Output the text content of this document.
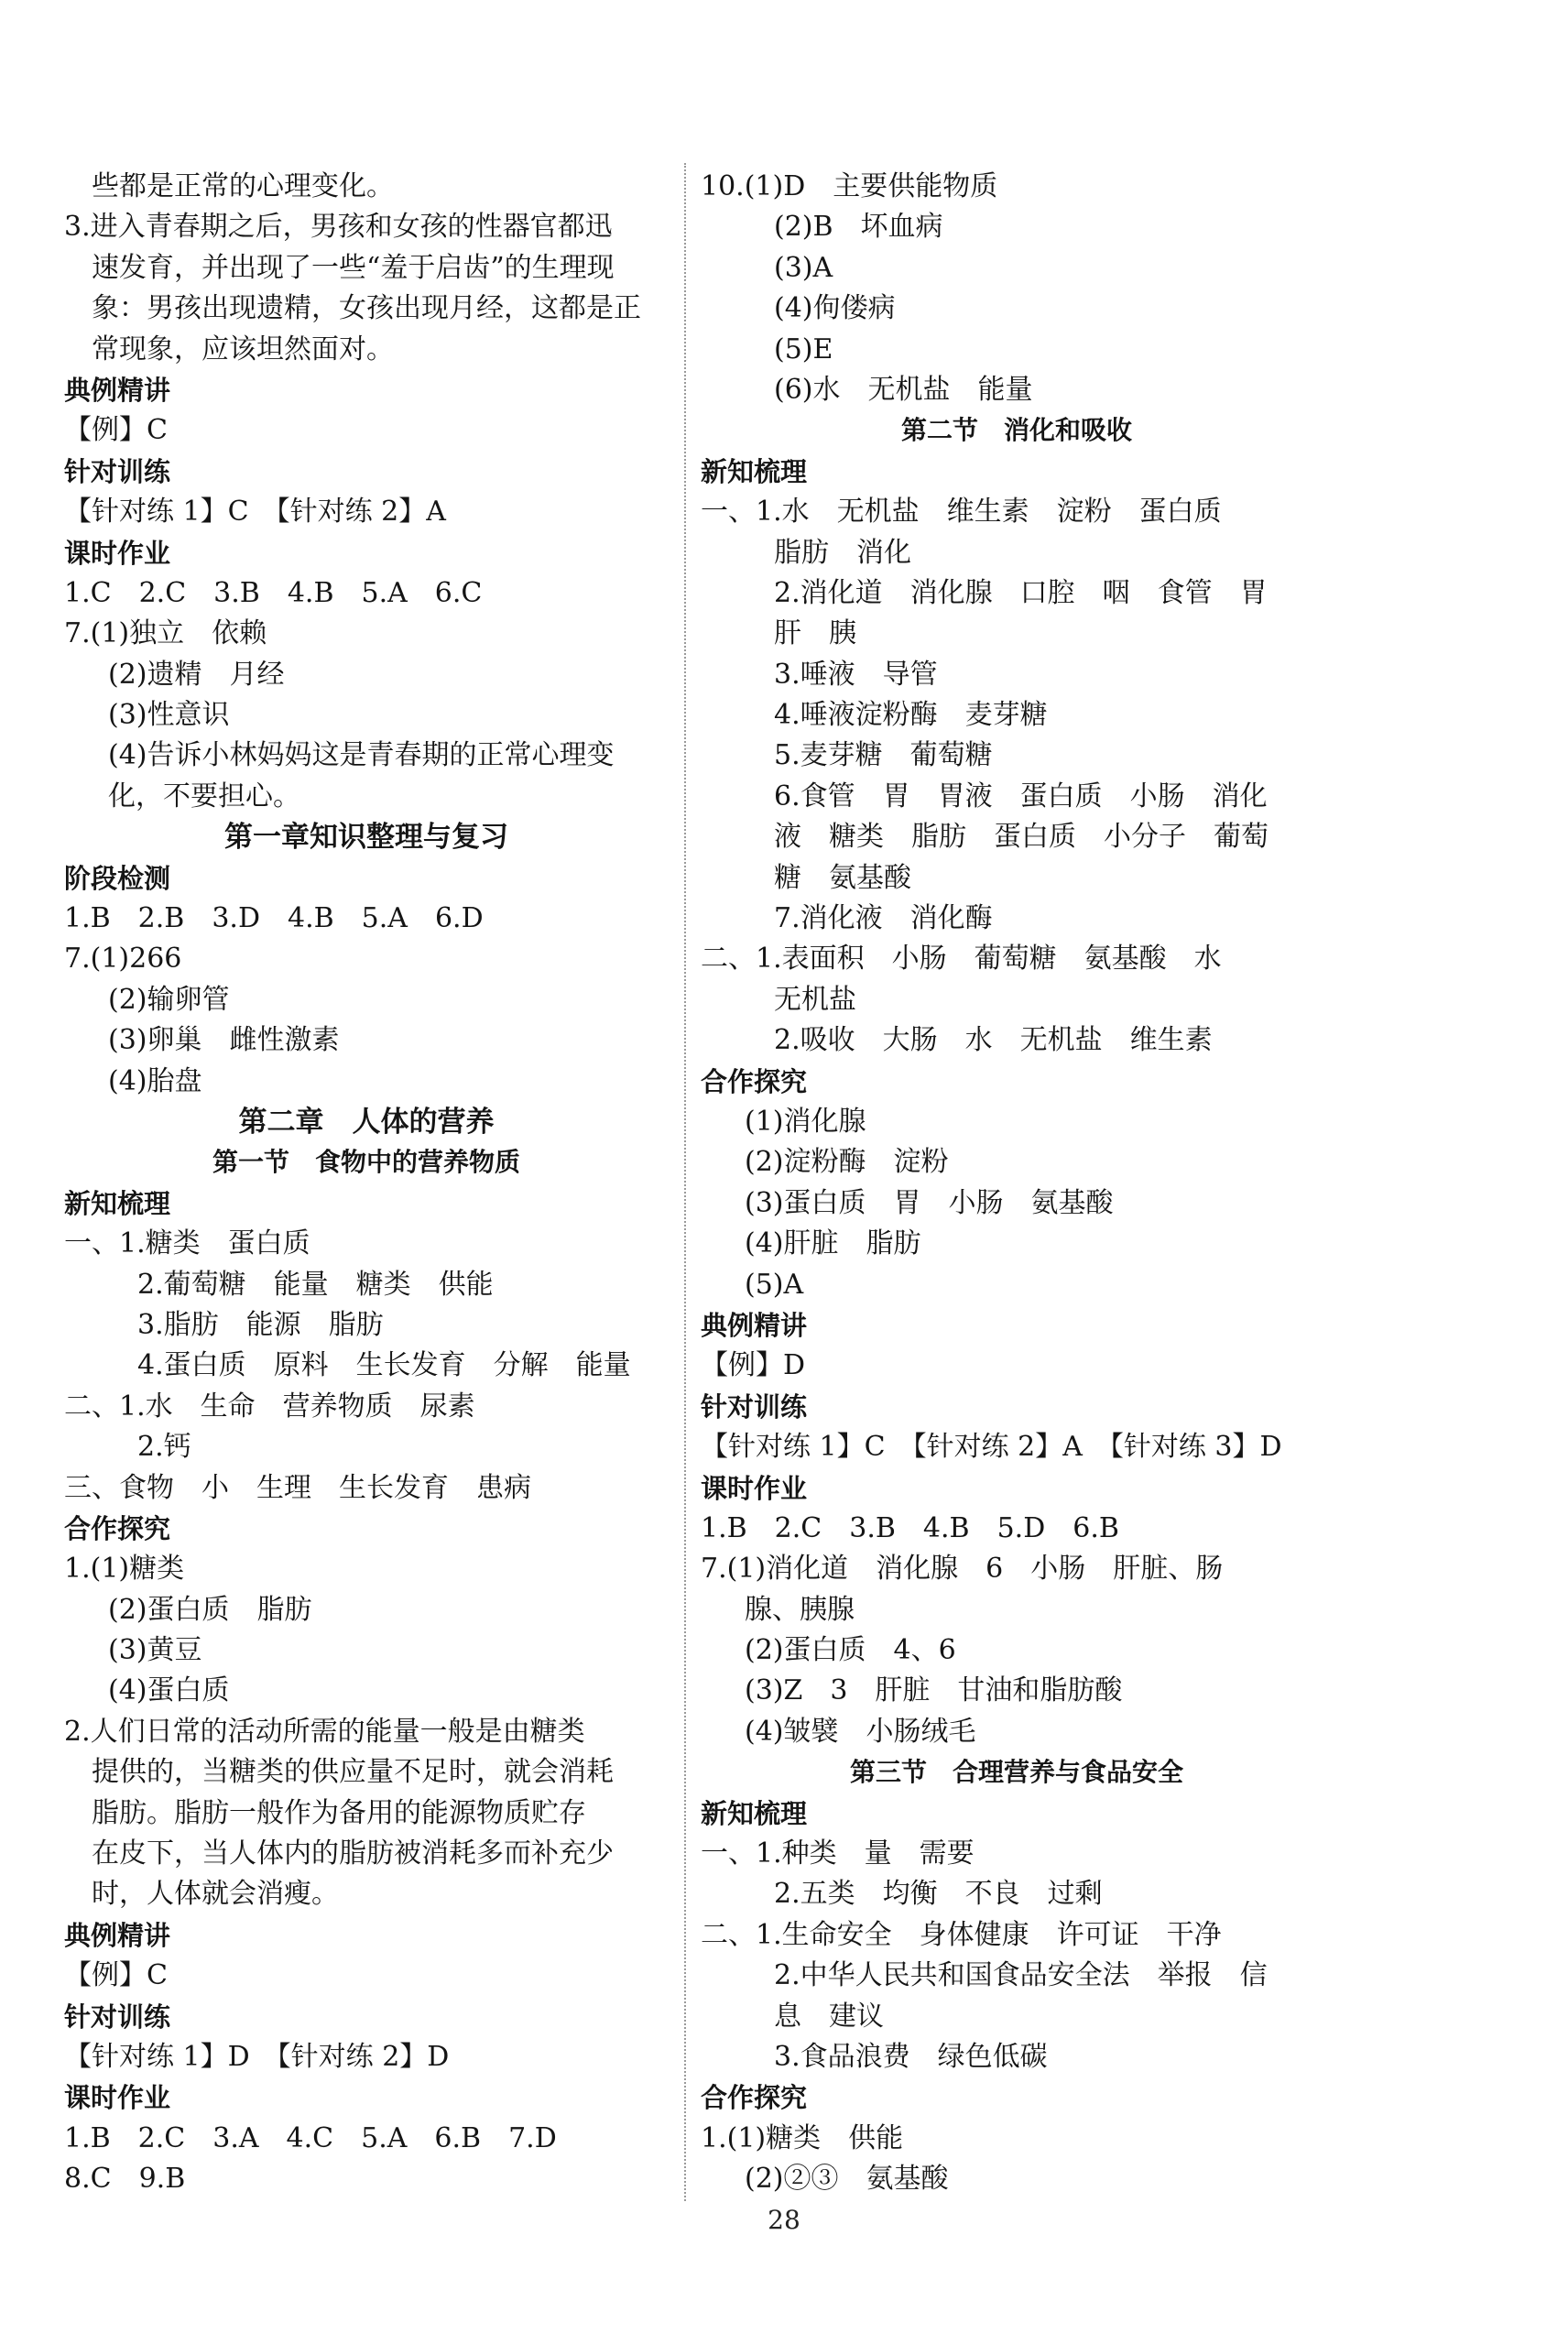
　些都是正常的心理变化。
3.进入青春期之后，男孩和女孩的性器官都迅
　速发育，并出现了一些“羞于启齿”的生理现
　象：男孩出现遗精，女孩出现月经，这都是正
　常现象，应该坦然面对。
典例精讲
【例】C
针对训练
【针对练 1】C　【针对练 2】A
课时作业
1.C　2.C　3.B　4.B　5.A　6.C
7.(1)独立　依赖
(2)遗精　月经
(3)性意识
(4)告诉小林妈妈这是青春期的正常心理变
化，不要担心。
第一章知识整理与复习
阶段检测
1.B　2.B　3.D　4.B　5.A　6.D
7.(1)266
(2)输卵管
(3)卵巢　雌性激素
(4)胎盘
第二章　人体的营养
第一节　食物中的营养物质
新知梳理
一、1.糖类　蛋白质
2.葡萄糖　能量　糖类　供能
3.脂肪　能源　脂肪
4.蛋白质　原料　生长发育　分解　能量
二、1.水　生命　营养物质　尿素
2.钙
三、食物　小　生理　生长发育　患病
合作探究
1.(1)糖类
(2)蛋白质　脂肪
(3)黄豆
(4)蛋白质
2.人们日常的活动所需的能量一般是由糖类
　提供的，当糖类的供应量不足时，就会消耗
　脂肪。脂肪一般作为备用的能源物质贮存
　在皮下，当人体内的脂肪被消耗多而补充少
　时，人体就会消瘦。
典例精讲
【例】C
针对训练
【针对练 1】D　【针对练 2】D
课时作业
1.B　2.C　3.A　4.C　5.A　6.B　7.D
8.C　9.B
10.(1)D　主要供能物质
(2)B　坏血病
(3)A
(4)佝偻病
(5)E
(6)水　无机盐　能量
第二节　消化和吸收
新知梳理
一、1.水　无机盐　维生素　淀粉　蛋白质
脂肪　消化
2.消化道　消化腺　口腔　咽　食管　胃
肝　胰
3.唾液　导管
4.唾液淀粉酶　麦芽糖
5.麦芽糖　葡萄糖
6.食管　胃　胃液　蛋白质　小肠　消化
液　糖类　脂肪　蛋白质　小分子　葡萄
糖　氨基酸
7.消化液　消化酶
二、1.表面积　小肠　葡萄糖　氨基酸　水
无机盐
2.吸收　大肠　水　无机盐　维生素
合作探究
(1)消化腺
(2)淀粉酶　淀粉
(3)蛋白质　胃　小肠　氨基酸
(4)肝脏　脂肪
(5)A
典例精讲
【例】D
针对训练
【针对练 1】C　【针对练 2】A　【针对练 3】D
课时作业
1.B　2.C　3.B　4.B　5.D　6.B
7.(1)消化道　消化腺　6　小肠　肝脏、肠
腺、胰腺
(2)蛋白质　4、6
(3)Z　3　肝脏　甘油和脂肪酸
(4)皱襞　小肠绒毛
第三节　合理营养与食品安全
新知梳理
一、1.种类　量　需要
2.五类　均衡　不良　过剩
二、1.生命安全　身体健康　许可证　干净
2.中华人民共和国食品安全法　举报　信
息　建议
3.食品浪费　绿色低碳
合作探究
1.(1)糖类　供能
(2)②③　氨基酸
28
